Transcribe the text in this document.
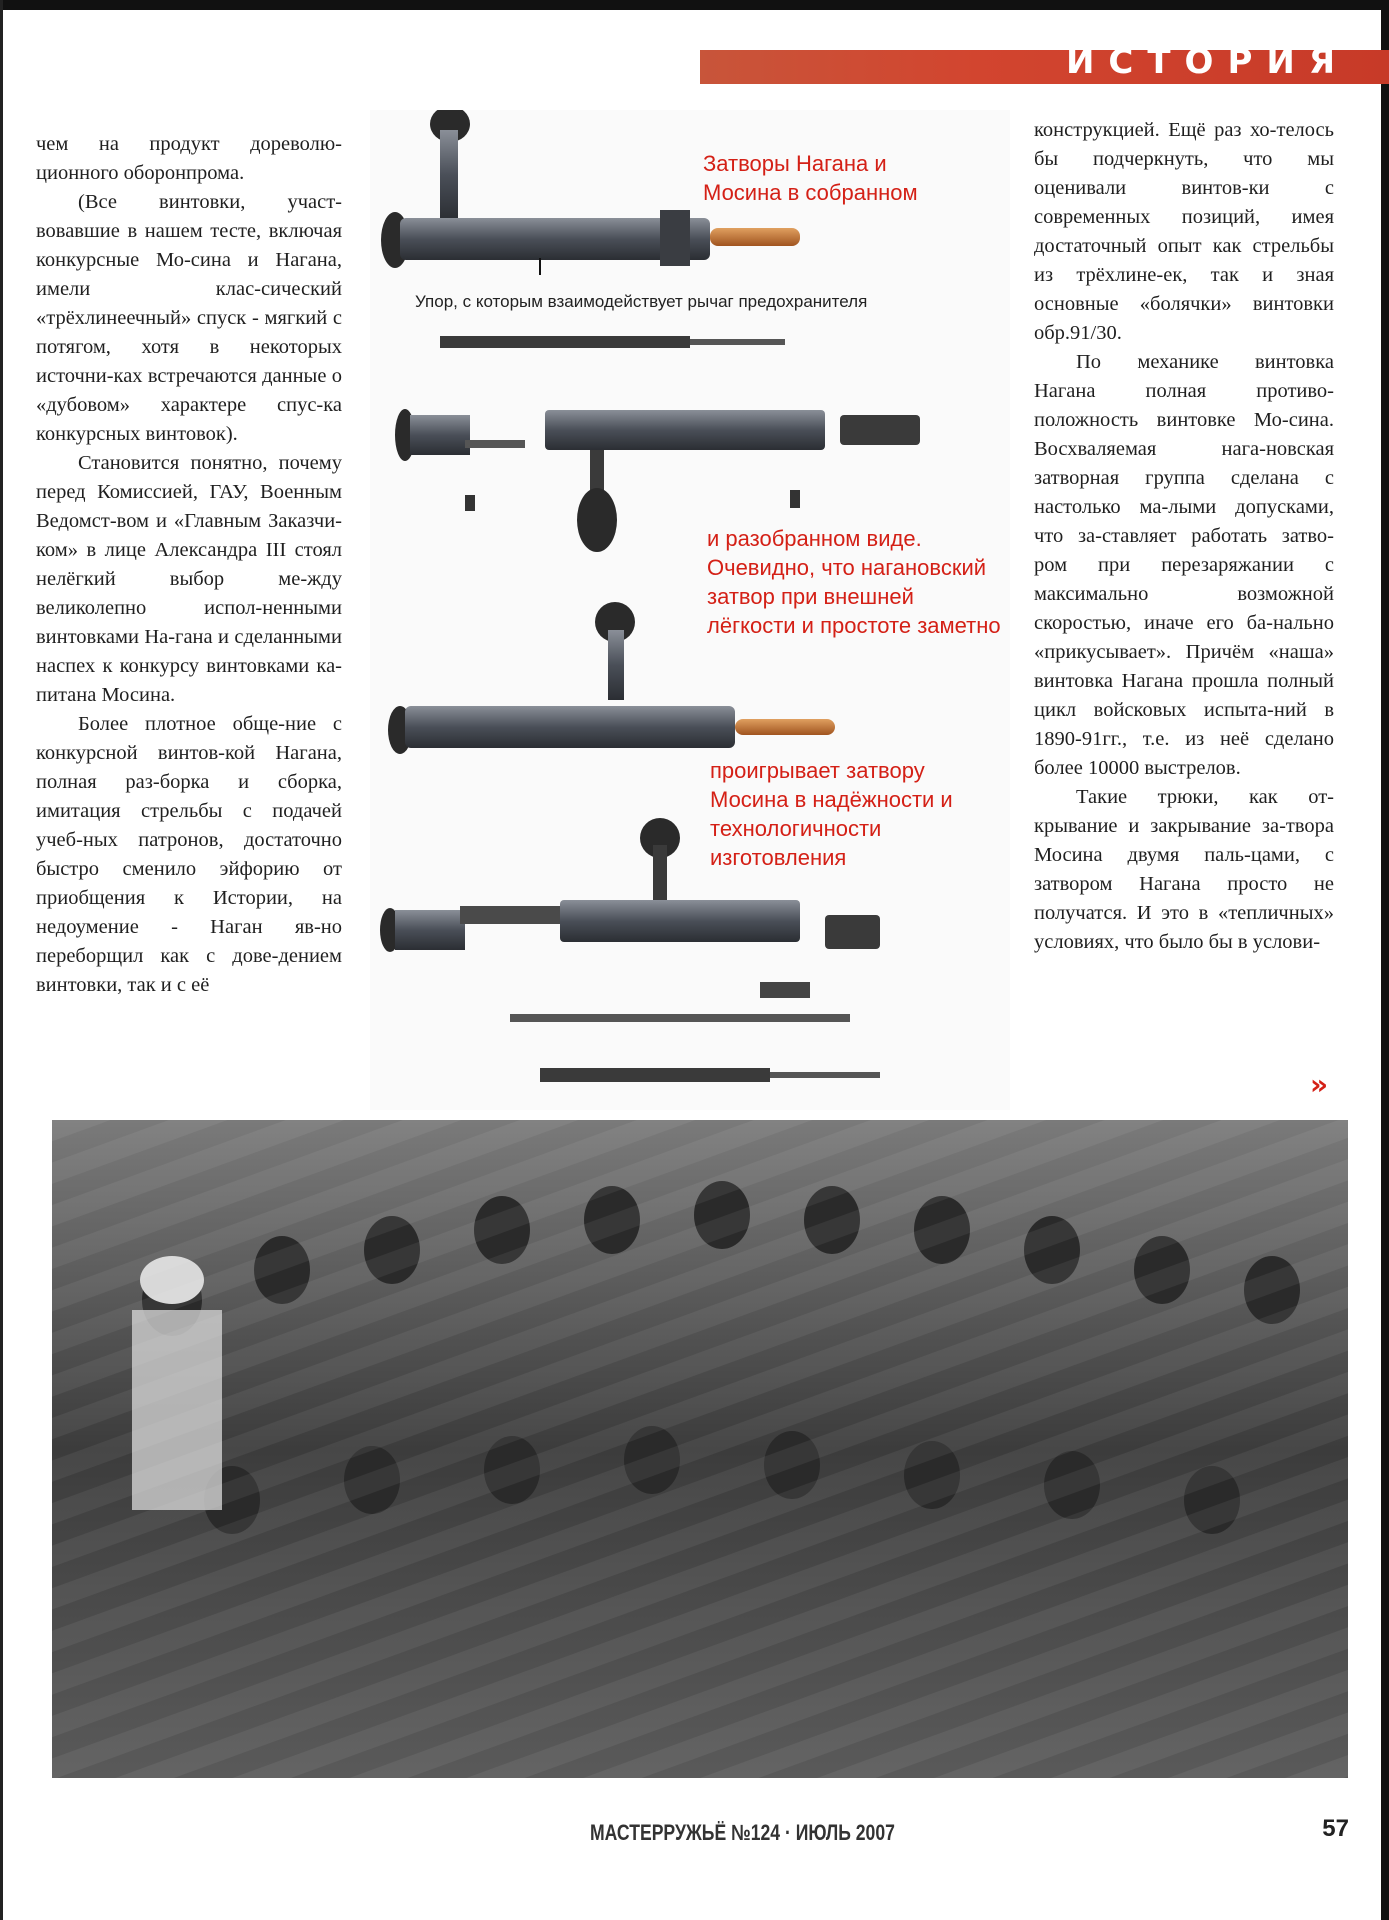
ИСТОРИЯ

чем на продукт дореволю-ционного оборонпрома.

(Все винтовки, участ-вовавшие в нашем тесте, включая конкурсные Мо-сина и Нагана, имели клас-сический «трёхлинеечный» спуск - мягкий с потягом, хотя в некоторых источни-ках встречаются данные о «дубовом» характере спус-ка конкурсных винтовок).

Становится понятно, почему перед Комиссией, ГАУ, Военным Ведомст-вом и «Главным Заказчи-ком» в лице Александра III стоял нелёгкий выбор ме-жду великолепно испол-ненными винтовками На-гана и сделанными наспех к конкурсу винтовками ка-питана Мосина.

Более плотное обще-ние с конкурсной винтов-кой Нагана, полная раз-борка и сборка, имитация стрельбы с подачей учеб-ных патронов, достаточно быстро сменило эйфорию от приобщения к Истории, на недоумение - Наган яв-но переборщил как с дове-дением винтовки, так и с её

Затворы Нагана и Мосина в собранном
Упор, с которым взаимодействует рычаг предохранителя
и разобранном виде. Очевидно, что нагановский затвор при внешней лёгкости и простоте заметно
проигрывает затвору Мосина в надёжности и технологичности изготовления

конструкцией. Ещё раз хо-телось бы подчеркнуть, что мы оценивали винтов-ки с современных позиций, имея достаточный опыт как стрельбы из трёхлине-ек, так и зная основные «болячки» винтовки обр.91/30.

По механике винтовка Нагана полная противо-положность винтовке Мо-сина. Восхваляемая нага-новская затворная группа сделана с настолько ма-лыми допусками, что за-ставляет работать затво-ром при перезаряжании с максимально возможной скоростью, иначе его ба-нально «прикусывает». Причём «наша» винтовка Нагана прошла полный цикл войсковых испыта-ний в 1890-91гг., т.е. из неё сделано более 10000 выстрелов.

Такие трюки, как от-крывание и закрывание за-твора Мосина двумя паль-цами, с затвором Нагана просто не получатся. И это в «тепличных» условиях, что было бы в услови-

»
МАСТЕРРУЖЬЁ №124 · ИЮЛЬ 2007	57
